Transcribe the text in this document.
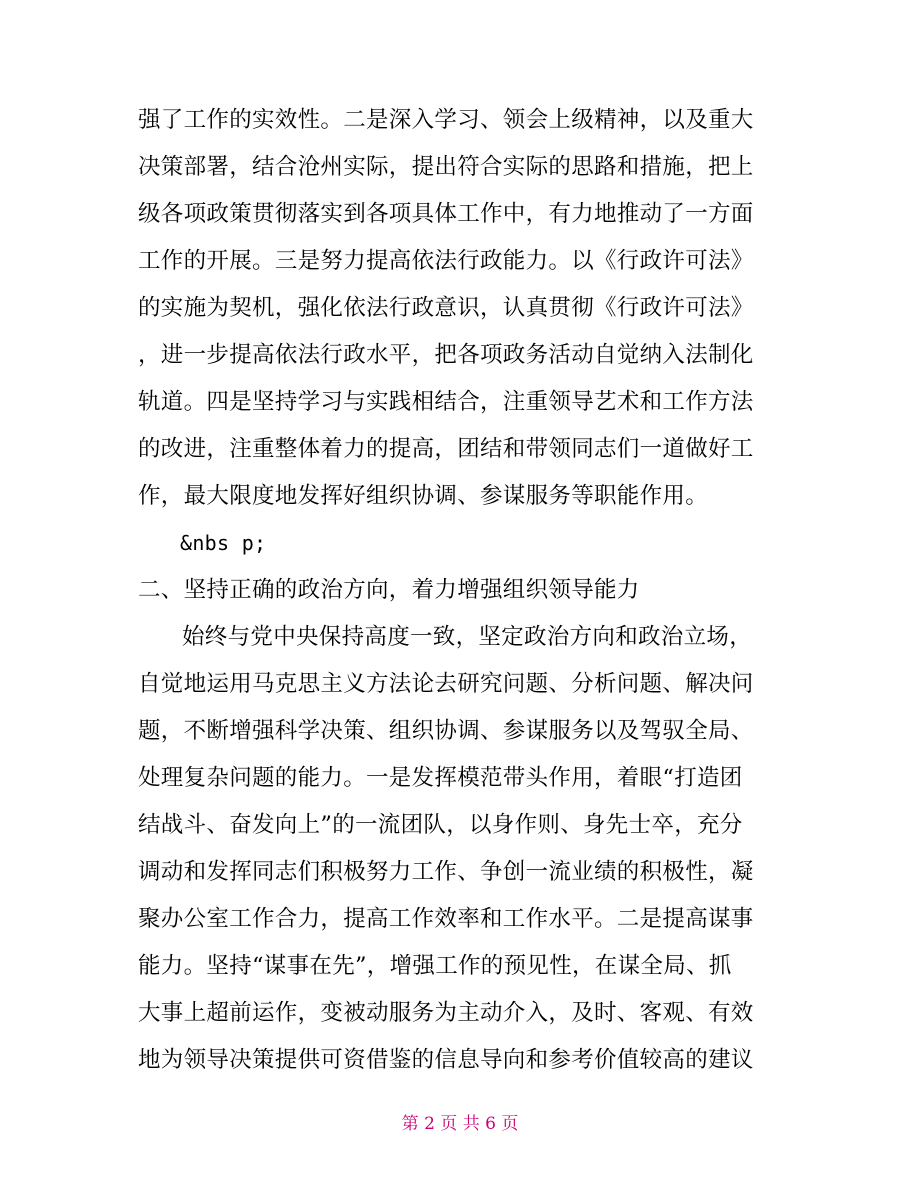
强了工作的实效性。二是深入学习、领会上级精神，以及重大
决策部署，结合沧州实际，提出符合实际的思路和措施，把上
级各项政策贯彻落实到各项具体工作中，有力地推动了一方面
工作的开展。三是努力提高依法行政能力。以《行政许可法》
的实施为契机，强化依法行政意识，认真贯彻《行政许可法》
，进一步提高依法行政水平，把各项政务活动自觉纳入法制化
轨道。四是坚持学习与实践相结合，注重领导艺术和工作方法
的改进，注重整体着力的提高，团结和带领同志们一道做好工
作，最大限度地发挥好组织协调、参谋服务等职能作用。
&nbs p;
二、坚持正确的政治方向，着力增强组织领导能力
始终与党中央保持高度一致，坚定政治方向和政治立场，
自觉地运用马克思主义方法论去研究问题、分析问题、解决问
题，不断增强科学决策、组织协调、参谋服务以及驾驭全局、
处理复杂问题的能力。一是发挥模范带头作用，着眼“打造团
结战斗、奋发向上”的一流团队，以身作则、身先士卒，充分
调动和发挥同志们积极努力工作、争创一流业绩的积极性，凝
聚办公室工作合力，提高工作效率和工作水平。二是提高谋事
能力。坚持“谋事在先”，增强工作的预见性，在谋全局、抓
大事上超前运作，变被动服务为主动介入，及时、客观、有效
地为领导决策提供可资借鉴的信息导向和参考价值较高的建议
第 2 页 共 6 页
